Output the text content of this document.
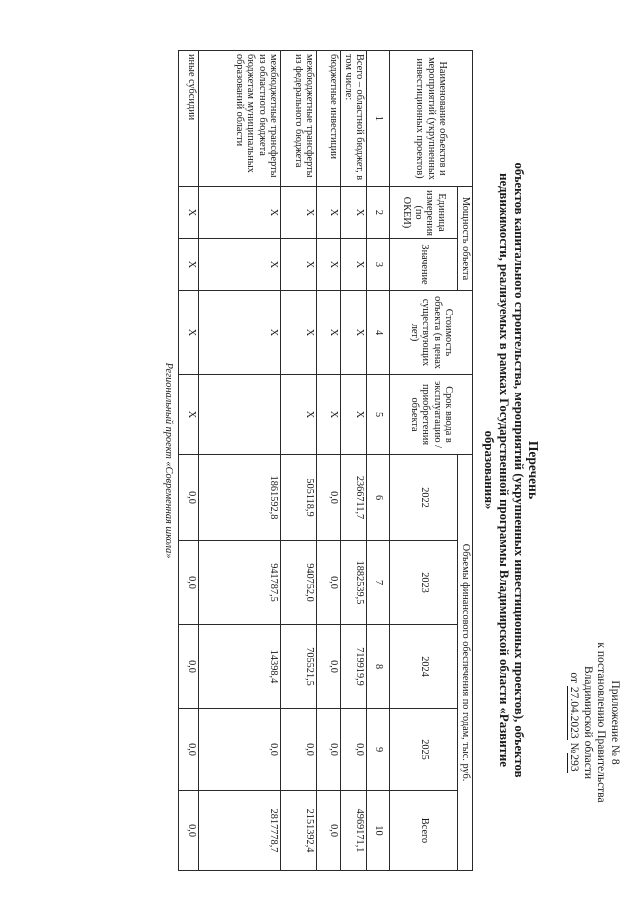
Приложение № 8
к постановлению Правительства
Владимирской области
от 27.04.2023 №293
Перечень
объектов капитального строительства, мероприятий (укрупненных инвестиционных проектов), объектов
недвижимости, реализуемых в рамках Государственной программы Владимирской области «Развитие
образования»
Наименование объектов и мероприятий (укрупненных инвестиционных проектов)	Мощность объекта		Стоимость объекта (в ценах существующих лет)	Срок ввода в эксплуатацию /приобретения объекта	Объемы финансового обеспечения по годам, тыс. руб.				
	Единица измерения (по ОКЕИ)	Значение			2022	2023	2024	2025	Всего
1	2	3	4	5	6	7	8	9	10
Всего – областной бюджет, в том числе:	Х	Х	Х	Х	2366711,7	1882539,5	719919,9	0,0	4969171,1
бюджетные инвестиции	Х	Х	Х	Х	0,0	0,0	0,0	0,0	0,0
межбюджетные трансферты из федерального бюджета	Х	Х	Х	Х	505118,9	940752,0	705521,5	0,0	2151392,4
межбюджетные трансферты из областного бюджета бюджетам муниципальных образований области	Х	Х	Х		1861592,8	941787,5	14398,4	0,0	2817778,7
иные субсидии	Х	Х	Х	Х	0,0	0,0	0,0	0,0	0,0
Региональный проект «Современная школа»									
